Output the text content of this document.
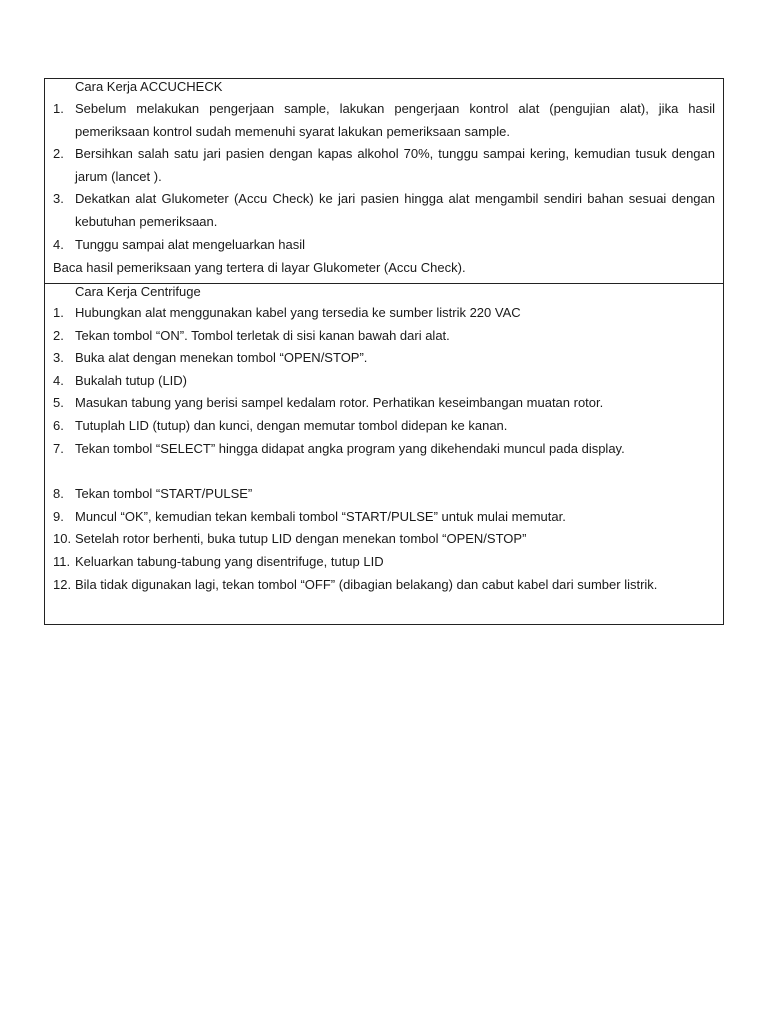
Cara Kerja ACCUCHECK
1. Sebelum melakukan pengerjaan sample, lakukan pengerjaan kontrol alat (pengujian alat), jika hasil pemeriksaan kontrol sudah memenuhi syarat lakukan pemeriksaan sample.
2. Bersihkan salah satu jari pasien dengan kapas alkohol 70%, tunggu sampai kering, kemudian tusuk dengan jarum (lancet ).
3. Dekatkan alat Glukometer (Accu Check) ke jari pasien hingga alat mengambil sendiri bahan sesuai dengan kebutuhan pemeriksaan.
4. Tunggu sampai alat mengeluarkan hasil
Baca hasil pemeriksaan yang tertera di layar Glukometer (Accu Check).
Cara Kerja Centrifuge
1. Hubungkan alat menggunakan kabel yang tersedia ke sumber listrik 220 VAC
2. Tekan tombol “ON”. Tombol terletak di sisi kanan bawah dari alat.
3. Buka alat dengan menekan tombol “OPEN/STOP”.
4. Bukalah tutup (LID)
5. Masukan tabung yang berisi sampel kedalam rotor. Perhatikan keseimbangan muatan rotor.
6. Tutuplah LID (tutup) dan kunci, dengan memutar tombol didepan ke kanan.
7. Tekan tombol “SELECT” hingga didapat angka program yang dikehendaki muncul pada display.
8. Tekan tombol “START/PULSE”
9. Muncul “OK”, kemudian tekan kembali tombol “START/PULSE” untuk mulai memutar.
10. Setelah rotor berhenti, buka tutup LID dengan menekan tombol “OPEN/STOP”
11. Keluarkan tabung-tabung yang disentrifuge, tutup LID
12. Bila tidak digunakan lagi, tekan tombol “OFF” (dibagian belakang) dan cabut kabel dari sumber listrik.
